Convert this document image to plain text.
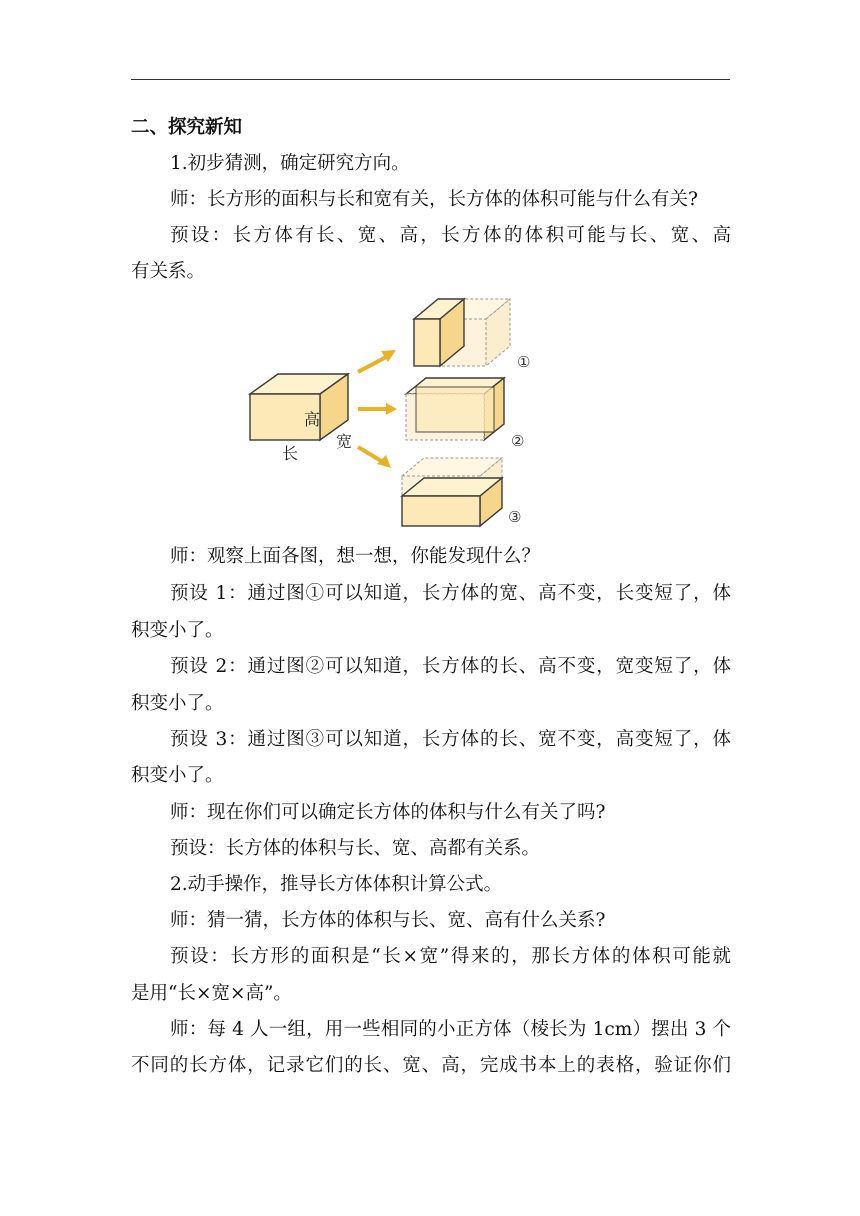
二、探究新知
1.初步猜测，确定研究方向。
师：长方形的面积与长和宽有关，长方体的体积可能与什么有关?
预设：长方体有长、宽、高，长方体的体积可能与长、宽、高
有关系。
高
宽
长
①
②
③
师：观察上面各图，想一想，你能发现什么？
预设 1：通过图①可以知道，长方体的宽、高不变，长变短了，体
积变小了。
预设 2：通过图②可以知道，长方体的长、高不变，宽变短了，体
积变小了。
预设 3：通过图③可以知道，长方体的长、宽不变，高变短了，体
积变小了。
师：现在你们可以确定长方体的体积与什么有关了吗?
预设：长方体的体积与长、宽、高都有关系。
2.动手操作，推导长方体体积计算公式。
师：猜一猜，长方体的体积与长、宽、高有什么关系?
预设：长方形的面积是“长×宽”得来的，那长方体的体积可能就
是用“长×宽×高”。
师：每 4 人一组，用一些相同的小正方体（棱长为 1cm）摆出 3 个
不同的长方体，记录它们的长、宽、高，完成书本上的表格，验证你们
